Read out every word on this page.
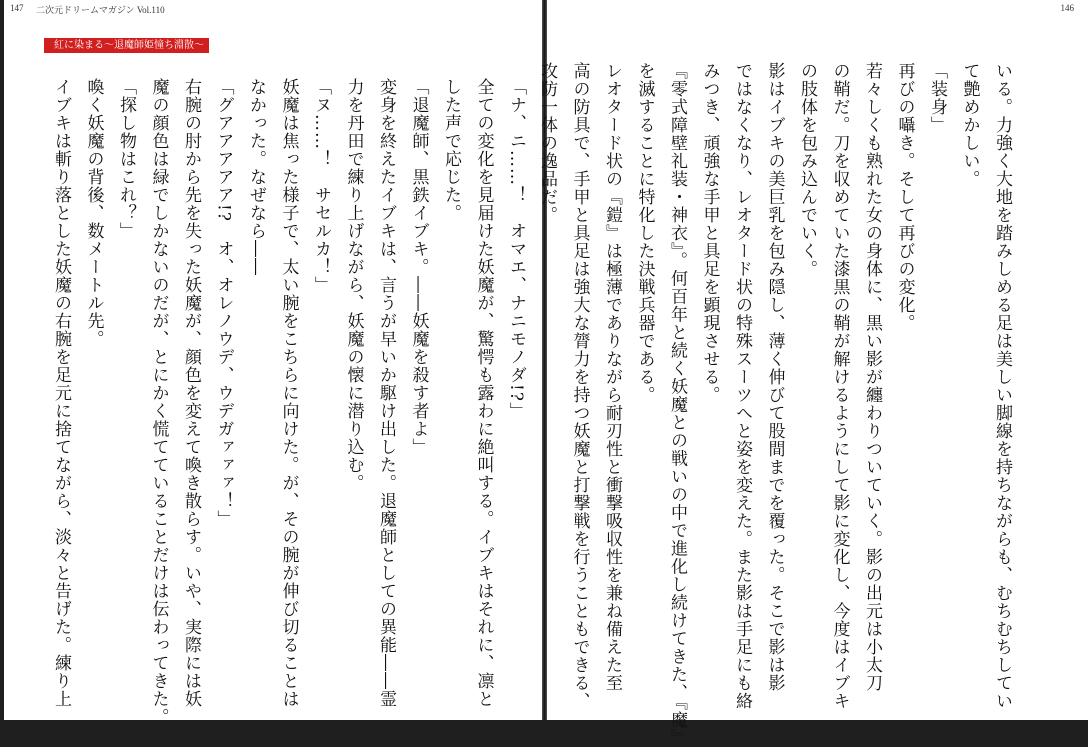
147 二次元ドリームマガジン Vol.110
紅に染まる～退魔師姫憧ち淵散～

「ナ、ニ……！　オマエ、ナニモノダ!?」

全ての変化を見届けた妖魔が、驚愕も露わに絶叫する。イブキはそれに、凛と

した声で応じた。

「退魔師、黒鉄イブキ。――妖魔を殺す者よ」

変身を終えたイブキは、言うが早いか駆け出した。退魔師としての異能――霊

力を丹田で練り上げながら、妖魔の懐に潜り込む。

「ヌ……！　サセルカ！」

妖魔は焦った様子で、太い腕をこちらに向けた。が、その腕が伸び切ることは

なかった。なぜなら――

「グアアアアア!?　オ、オレノウデ、ウデガァァァ！」

右腕の肘から先を失った妖魔が、顔色を変えて喚き散らす。いや、実際には妖

魔の顔色は緑でしかないのだが、とにかく慌てていることだけは伝わってきた。

「探し物はこれ？」

喚く妖魔の背後、数メートル先。

イブキは斬り落とした妖魔の右腕を足元に捨てながら、淡々と告げた。練り上

146

いる。力強く大地を踏みしめる足は美しい脚線を持ちながらも、むちむちしてい

て艶めかしい。

「装身」

再びの囁き。そして再びの変化。

若々しくも熟れた女の身体に、黒い影が纏わりついていく。影の出元は小太刀

の鞘だ。刀を収めていた漆黒の鞘が解けるようにして影に変化し、今度はイブキ

の肢体を包み込んでいく。

影はイブキの美巨乳を包み隠し、薄く伸びて股間までを覆った。そこで影は影

ではなくなり、レオタード状の特殊スーツへと姿を変えた。また影は手足にも絡

みつき、頑強な手甲と具足を顕現させる。

『零式障壁礼装・神衣』。何百年と続く妖魔との戦いの中で進化し続けてきた、『魔』

を滅することに特化した決戦兵器である。

レオタード状の『鎧』は極薄でありながら耐刃性と衝撃吸収性を兼ね備えた至

高の防具で、手甲と具足は強大な膂力を持つ妖魔と打撃戦を行うこともできる、

攻防一体の逸品だ。
